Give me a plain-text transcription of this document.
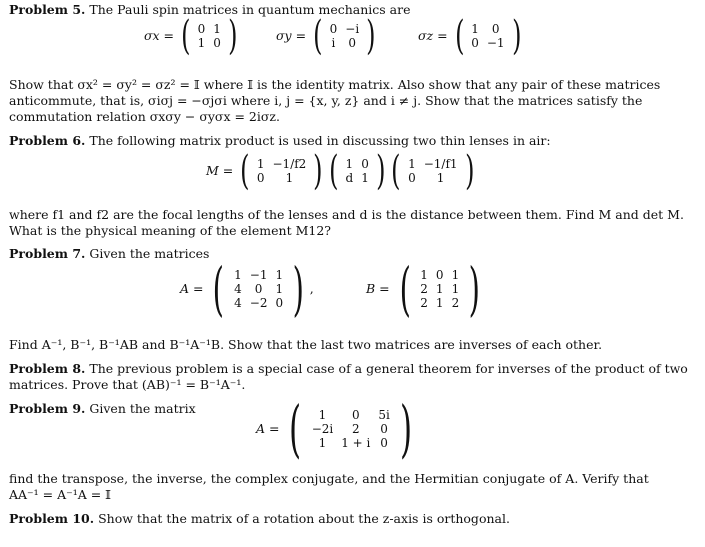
Problem 5. The Pauli spin matrices in quantum mechanics are
σx = ( 0	1
1	0 )	σy = ( 0	−i
i	0 )	σz = ( 1	0
0	−1 )
Show that σx² = σy² = σz² = 𝕀 where 𝕀 is the identity matrix. Also show that any pair of these matrices
anticommute, that is, σiσj = −σjσi where i, j = {x, y, z} and i ≠ j. Show that the matrices satisfy the
commutation relation σxσy − σyσx = 2iσz.
Problem 6. The following matrix product is used in discussing two thin lenses in air:
M = ( 1	−1/f2
0	1 ) ( 1	0
d	1 ) ( 1	−1/f1
0	1 )
where f1 and f2 are the focal lengths of the lenses and d is the distance between them. Find M and det M.
What is the physical meaning of the element M12?
Problem 7. Given the matrices
A = ( 1	−1	1
4	0	1
4	−2	0 ) ,	B = ( 1	0	1
2	1	1
2	1	2 )
Find A⁻¹, B⁻¹, B⁻¹AB and B⁻¹A⁻¹B. Show that the last two matrices are inverses of each other.
Problem 8. The previous problem is a special case of a general theorem for inverses of the product of two
matrices. Prove that (AB)⁻¹ = B⁻¹A⁻¹.
Problem 9. Given the matrix
A = ( 1	0	5i
−2i	2	0
1	1 + i	0 )
find the transpose, the inverse, the complex conjugate, and the Hermitian conjugate of A. Verify that
AA⁻¹ = A⁻¹A = 𝕀
Problem 10. Show that the matrix of a rotation about the z-axis is orthogonal.
